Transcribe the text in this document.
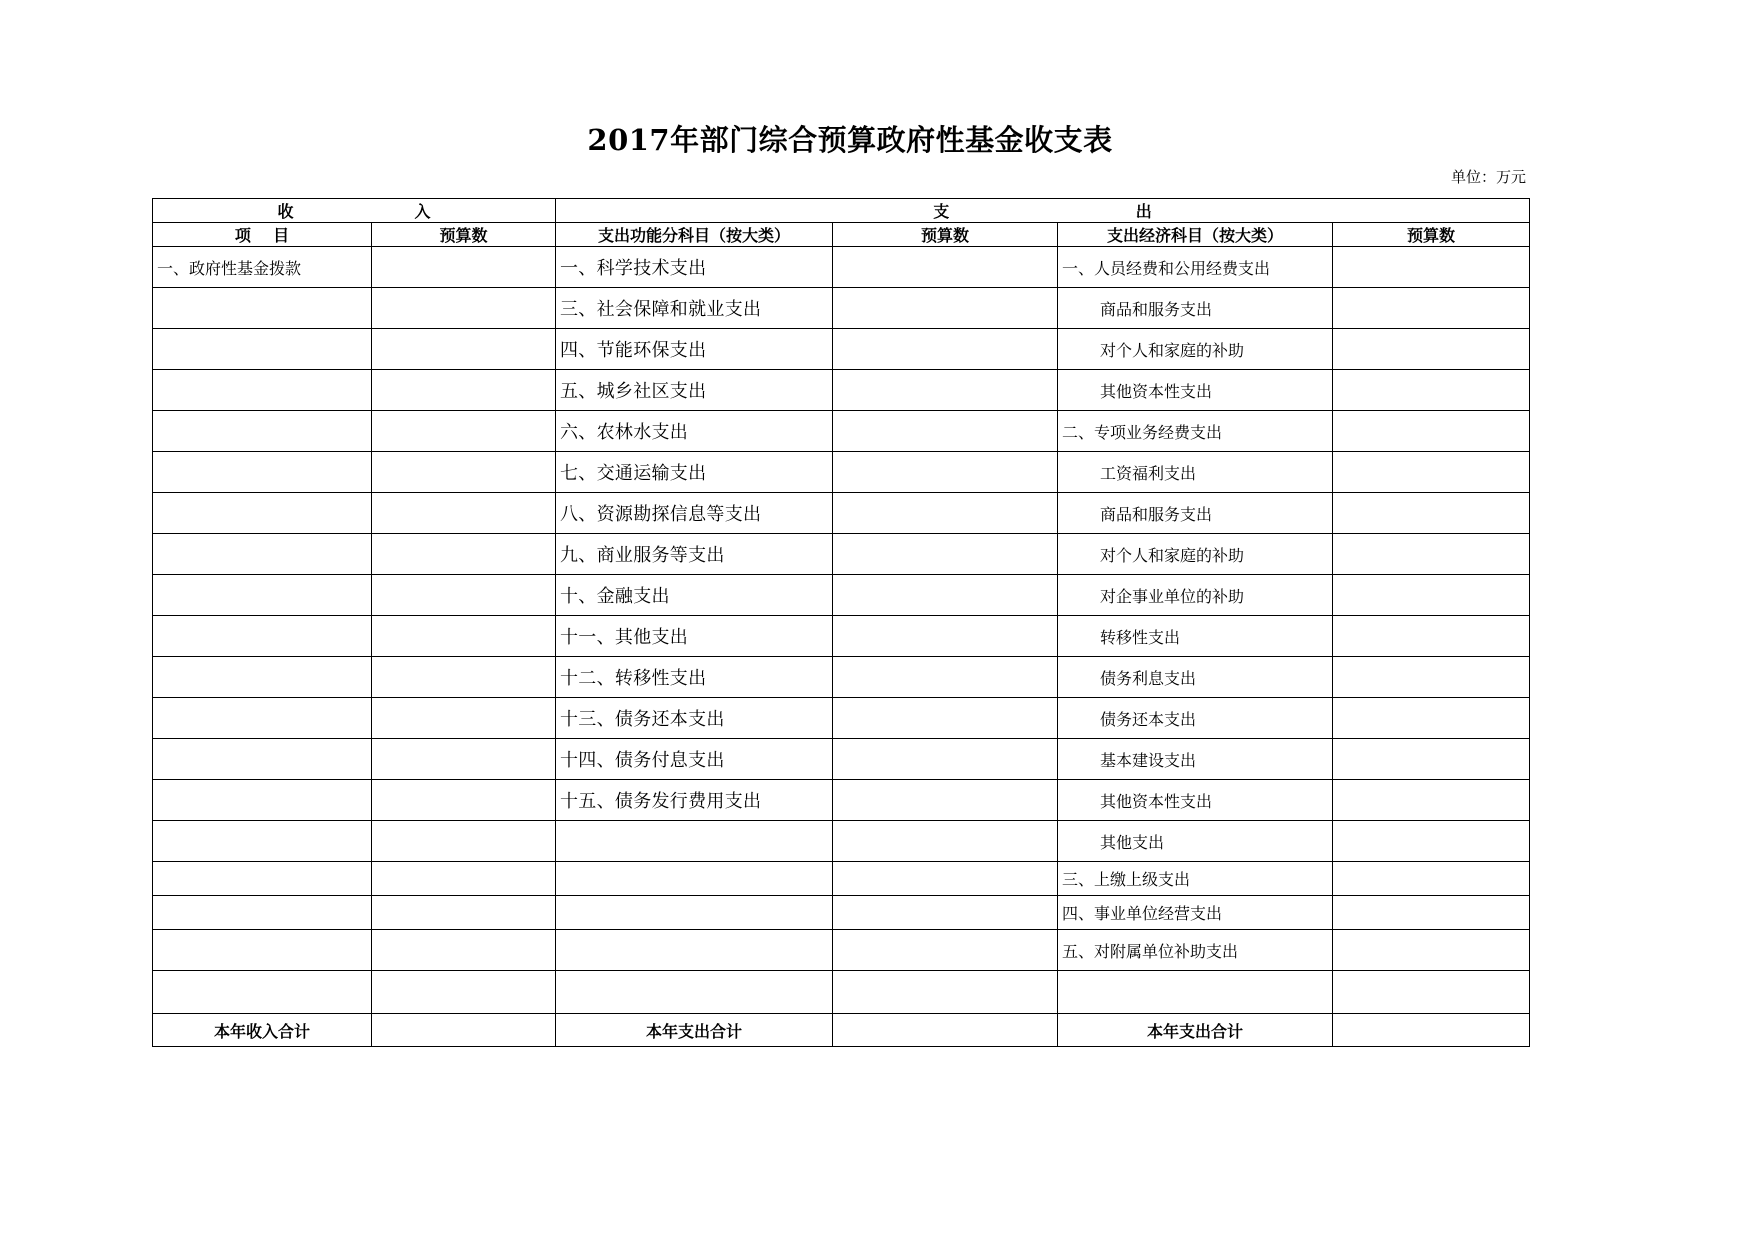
2017年部门综合预算政府性基金收支表
单位：万元
收 入		支 出			

项    目	预算数	支出功能分科目（按大类）	预算数	支出经济科目（按大类）	预算数
一、政府性基金拨款		一、科学技术支出		一、人员经费和公用经费支出	
		三、社会保障和就业支出		商品和服务支出	
		四、节能环保支出		对个人和家庭的补助	
		五、城乡社区支出		其他资本性支出	
		六、农林水支出		二、专项业务经费支出	
		七、交通运输支出		工资福利支出	
		八、资源勘探信息等支出		商品和服务支出	
		九、商业服务等支出		对个人和家庭的补助	
		十、金融支出		对企事业单位的补助	
		十一、其他支出		转移性支出	
		十二、转移性支出		债务利息支出	
		十三、债务还本支出		债务还本支出	
		十四、债务付息支出		基本建设支出	
		十五、债务发行费用支出		其他资本性支出	
				其他支出	
				三、上缴上级支出	
				四、事业单位经营支出	
				五、对附属单位补助支出	

本年收入合计		本年支出合计		本年支出合计	
